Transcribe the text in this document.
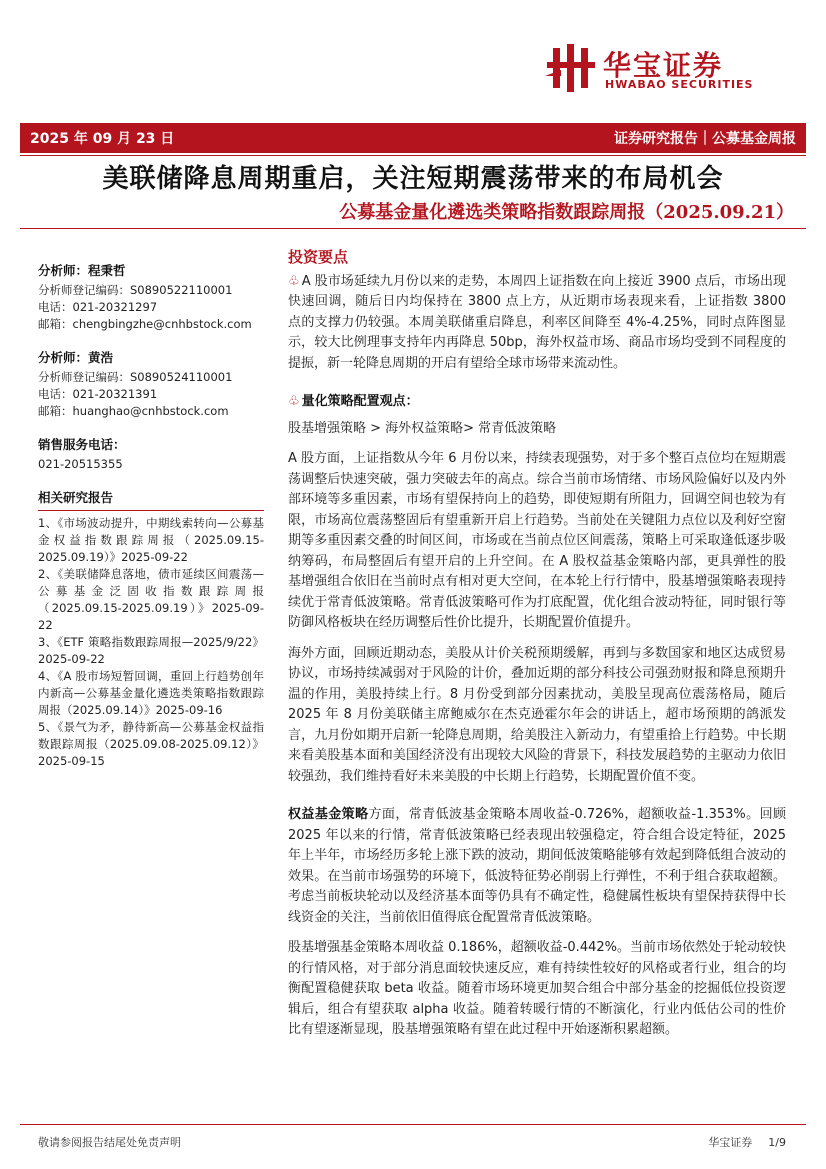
华宝证券
HWABAO SECURITIES
2025 年 09 月 23 日	证券研究报告｜公募基金周报
美联储降息周期重启，关注短期震荡带来的布局机会
公募基金量化遴选类策略指数跟踪周报（2025.09.21）
分析师：程秉哲
分析师登记编码：S0890522110001
电话：021-20321297
邮箱：chengbingzhe@cnhbstock.com
分析师：黄浩
分析师登记编码：S0890524110001
电话：021-20321391
邮箱：huanghao@cnhbstock.com
销售服务电话：
021-20515355
相关研究报告
1、《市场波动提升，中期线索转向—公募基金权益指数跟踪周报（2025.09.15-2025.09.19）》2025-09-22
2、《美联储降息落地，债市延续区间震荡—公募基金泛固收指数跟踪周报（2025.09.15-2025.09.19）》2025-09-22
3、《ETF 策略指数跟踪周报—2025/9/22》2025-09-22
4、《A 股市场短暂回调，重回上行趋势创年内新高—公募基金量化遴选类策略指数跟踪周报（2025.09.14）》2025-09-16
5、《景气为矛，静待新高—公募基金权益指数跟踪周报（2025.09.08-2025.09.12）》2025-09-15
投资要点

♧ A 股市场延续九月份以来的走势，本周四上证指数在向上接近 3900 点后，市场出现快速回调，随后日内均保持在 3800 点上方，从近期市场表现来看，上证指数 3800 点的支撑力仍较强。本周美联储重启降息，利率区间降至 4%-4.25%，同时点阵图显示，较大比例理事支持年内再降息 50bp，海外权益市场、商品市场均受到不同程度的提振，新一轮降息周期的开启有望给全球市场带来流动性。

♧ 量化策略配置观点：

股基增强策略 > 海外权益策略> 常青低波策略

A 股方面，上证指数从今年 6 月份以来，持续表现强势，对于多个整百点位均在短期震荡调整后快速突破，强力突破去年的高点。综合当前市场情绪、市场风险偏好以及内外部环境等多重因素，市场有望保持向上的趋势，即使短期有所阻力，回调空间也较为有限，市场高位震荡整固后有望重新开启上行趋势。当前处在关键阻力点位以及利好空窗期等多重因素交叠的时间区间，市场或在当前点位区间震荡，策略上可采取逢低逐步吸纳筹码，布局整固后有望开启的上升空间。在 A 股权益基金策略内部，更具弹性的股基增强组合依旧在当前时点有相对更大空间，在本轮上行行情中，股基增强策略表现持续优于常青低波策略。常青低波策略可作为打底配置，优化组合波动特征，同时银行等防御风格板块在经历调整后性价比提升，长期配置价值提升。

海外方面，回顾近期动态，美股从计价关税预期缓解，再到与多数国家和地区达成贸易协议，市场持续减弱对于风险的计价，叠加近期的部分科技公司强劲财报和降息预期升温的作用，美股持续上行。8 月份受到部分因素扰动，美股呈现高位震荡格局，随后 2025 年 8 月份美联储主席鲍威尔在杰克逊霍尔年会的讲话上，超市场预期的鸽派发言，九月份如期开启新一轮降息周期，给美股注入新动力，有望重拾上行趋势。中长期来看美股基本面和美国经济没有出现较大风险的背景下，科技发展趋势的主驱动力依旧较强劲，我们维持看好未来美股的中长期上行趋势，长期配置价值不变。

权益基金策略方面，常青低波基金策略本周收益-0.726%，超额收益-1.353%。回顾 2025 年以来的行情，常青低波策略已经表现出较强稳定，符合组合设定特征，2025 年上半年，市场经历多轮上涨下跌的波动，期间低波策略能够有效起到降低组合波动的效果。在当前市场强势的环境下，低波特征势必削弱上行弹性，不利于组合获取超额。考虑当前板块轮动以及经济基本面等仍具有不确定性，稳健属性板块有望保持获得中长线资金的关注，当前依旧值得底仓配置常青低波策略。

股基增强基金策略本周收益 0.186%，超额收益-0.442%。当前市场依然处于轮动较快的行情风格，对于部分消息面较快速反应，难有持续性较好的风格或者行业，组合的均衡配置稳健获取 beta 收益。随着市场环境更加契合组合中部分基金的挖掘低位投资逻辑后，组合有望获取 alpha 收益。随着转暖行情的不断演化，行业内低估公司的性价比有望逐渐显现，股基增强策略有望在此过程中开始逐渐积累超额。

敬请参阅报告结尾处免责声明	华宝证券 1/9
